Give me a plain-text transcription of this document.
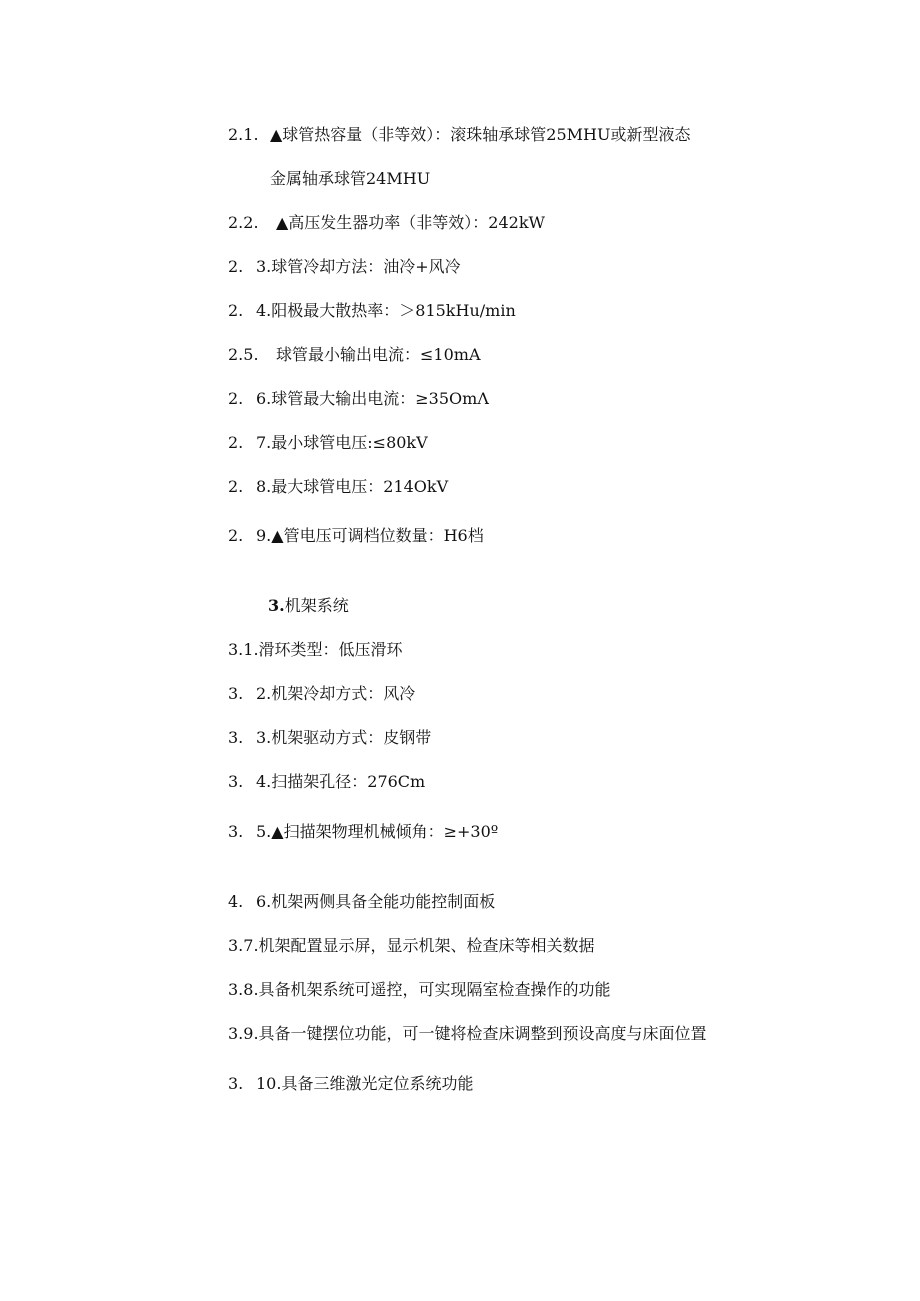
2.1. ▲球管热容量（非等效）：滚珠轴承球管25MHU或新型液态
金属轴承球管24MHU
2.2. ▲高压发生器功率（非等效）：242kW
2. 3.球管冷却方法：油冷+风冷
2. 4.阳极最大散热率：＞815kHu/min
2.5. 球管最小输出电流：≤10mA
2. 6.球管最大输出电流：≥35OmΛ
2. 7.最小球管电压:≤80kV
2. 8.最大球管电压：214OkV
2. 9.▲管电压可调档位数量：H6档
3.机架系统
3.1.滑环类型：低压滑环
3. 2.机架冷却方式：风冷
3. 3.机架驱动方式：皮钢带
3. 4.扫描架孔径：276Cm
3. 5.▲扫描架物理机械倾角：≥+30º
4. 6.机架两侧具备全能功能控制面板
3.7.机架配置显示屏，显示机架、检查床等相关数据
3.8.具备机架系统可遥控，可实现隔室检查操作的功能
3.9.具备一键摆位功能，可一键将检查床调整到预设高度与床面位置
3. 10.具备三维激光定位系统功能
